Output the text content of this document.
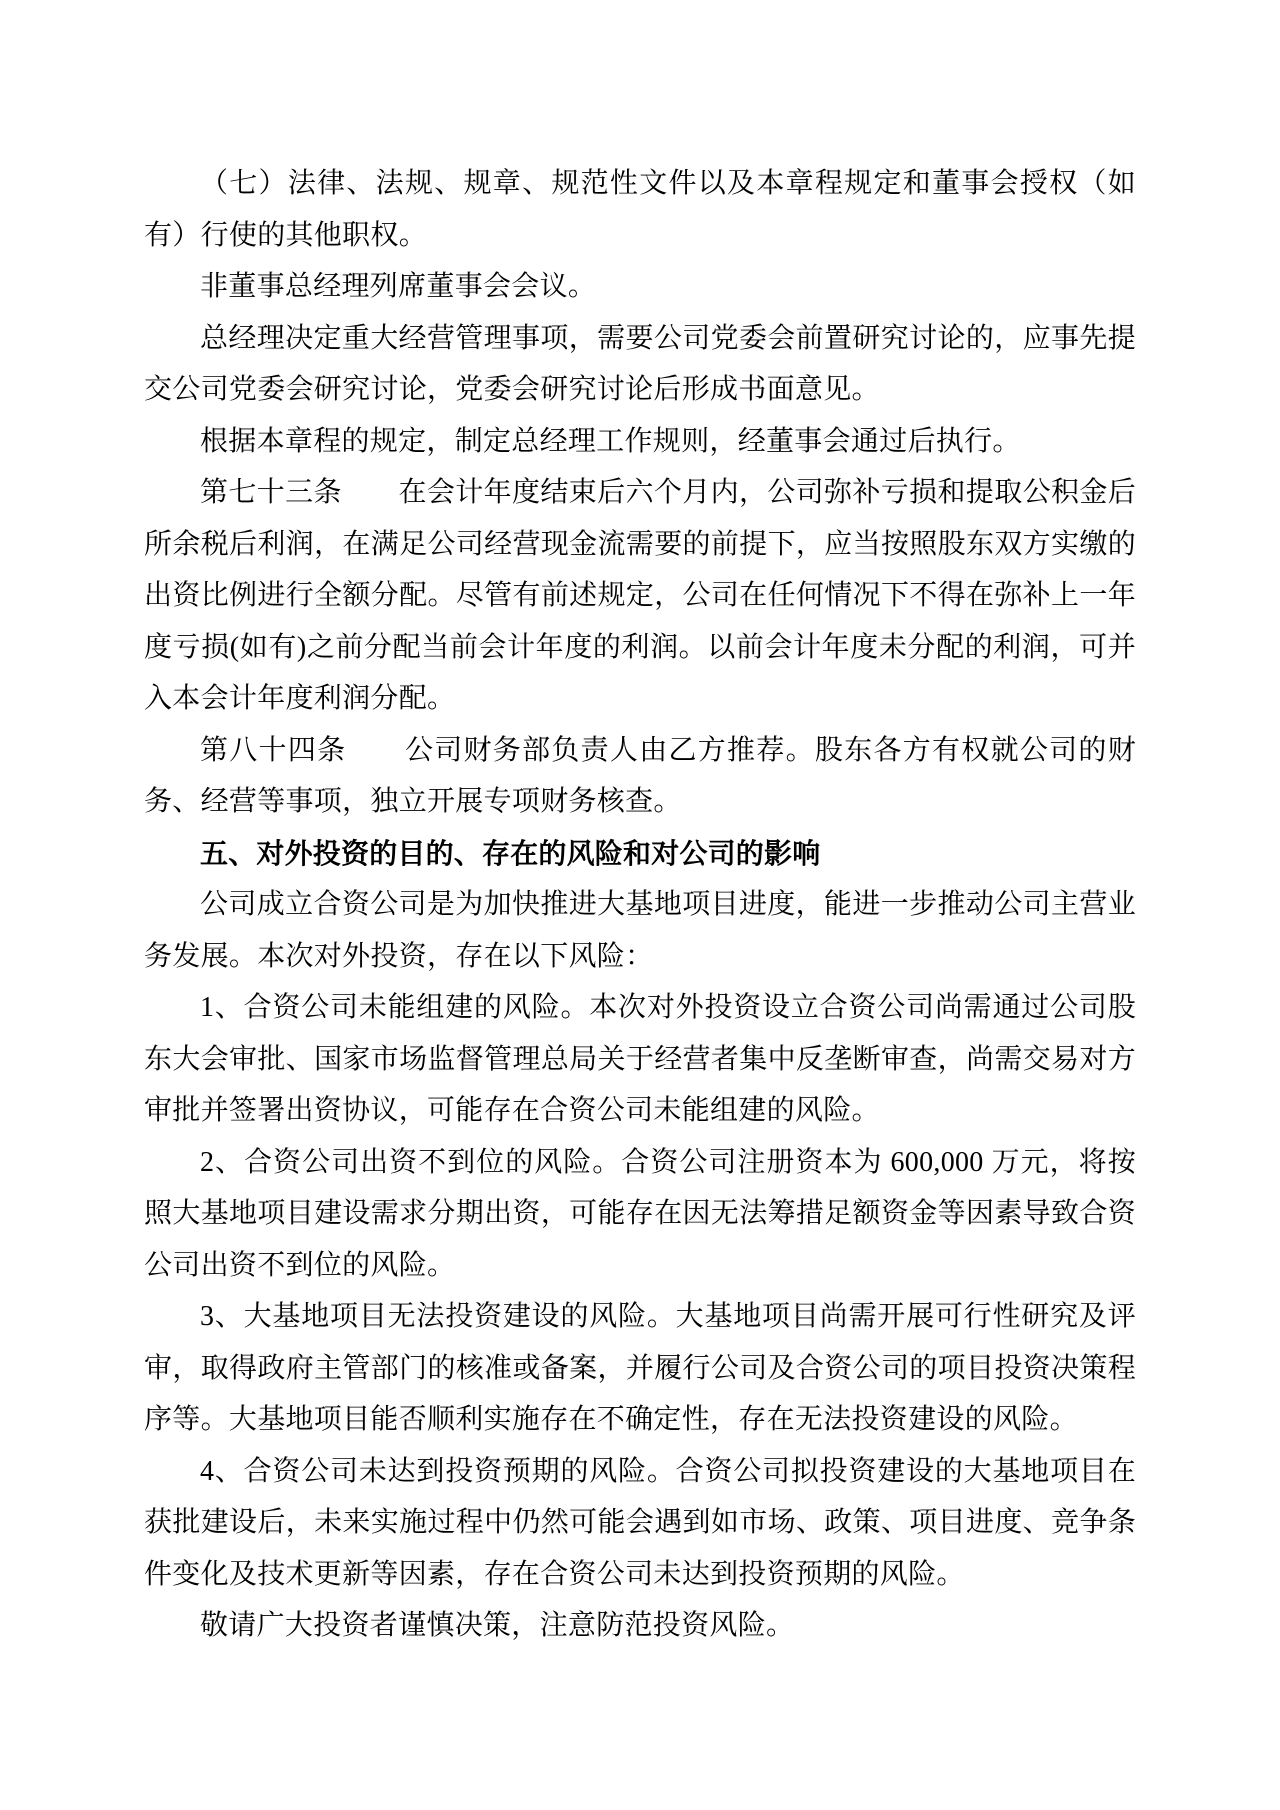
（七）法律、法规、规章、规范性文件以及本章程规定和董事会授权（如有）行使的其他职权。

非董事总经理列席董事会会议。

总经理决定重大经营管理事项，需要公司党委会前置研究讨论的，应事先提交公司党委会研究讨论，党委会研究讨论后形成书面意见。

根据本章程的规定，制定总经理工作规则，经董事会通过后执行。

第七十三条　　在会计年度结束后六个月内，公司弥补亏损和提取公积金后所余税后利润，在满足公司经营现金流需要的前提下，应当按照股东双方实缴的出资比例进行全额分配。尽管有前述规定，公司在任何情况下不得在弥补上一年度亏损(如有)之前分配当前会计年度的利润。以前会计年度未分配的利润，可并入本会计年度利润分配。

第八十四条　　公司财务部负责人由乙方推荐。股东各方有权就公司的财务、经营等事项，独立开展专项财务核查。

五、对外投资的目的、存在的风险和对公司的影响

公司成立合资公司是为加快推进大基地项目进度，能进一步推动公司主营业务发展。本次对外投资，存在以下风险：

1、合资公司未能组建的风险。本次对外投资设立合资公司尚需通过公司股东大会审批、国家市场监督管理总局关于经营者集中反垄断审查，尚需交易对方审批并签署出资协议，可能存在合资公司未能组建的风险。

2、合资公司出资不到位的风险。合资公司注册资本为 600,000 万元，将按照大基地项目建设需求分期出资，可能存在因无法筹措足额资金等因素导致合资公司出资不到位的风险。

3、大基地项目无法投资建设的风险。大基地项目尚需开展可行性研究及评审，取得政府主管部门的核准或备案，并履行公司及合资公司的项目投资决策程序等。大基地项目能否顺利实施存在不确定性，存在无法投资建设的风险。

4、合资公司未达到投资预期的风险。合资公司拟投资建设的大基地项目在获批建设后，未来实施过程中仍然可能会遇到如市场、政策、项目进度、竞争条件变化及技术更新等因素，存在合资公司未达到投资预期的风险。

敬请广大投资者谨慎决策，注意防范投资风险。
